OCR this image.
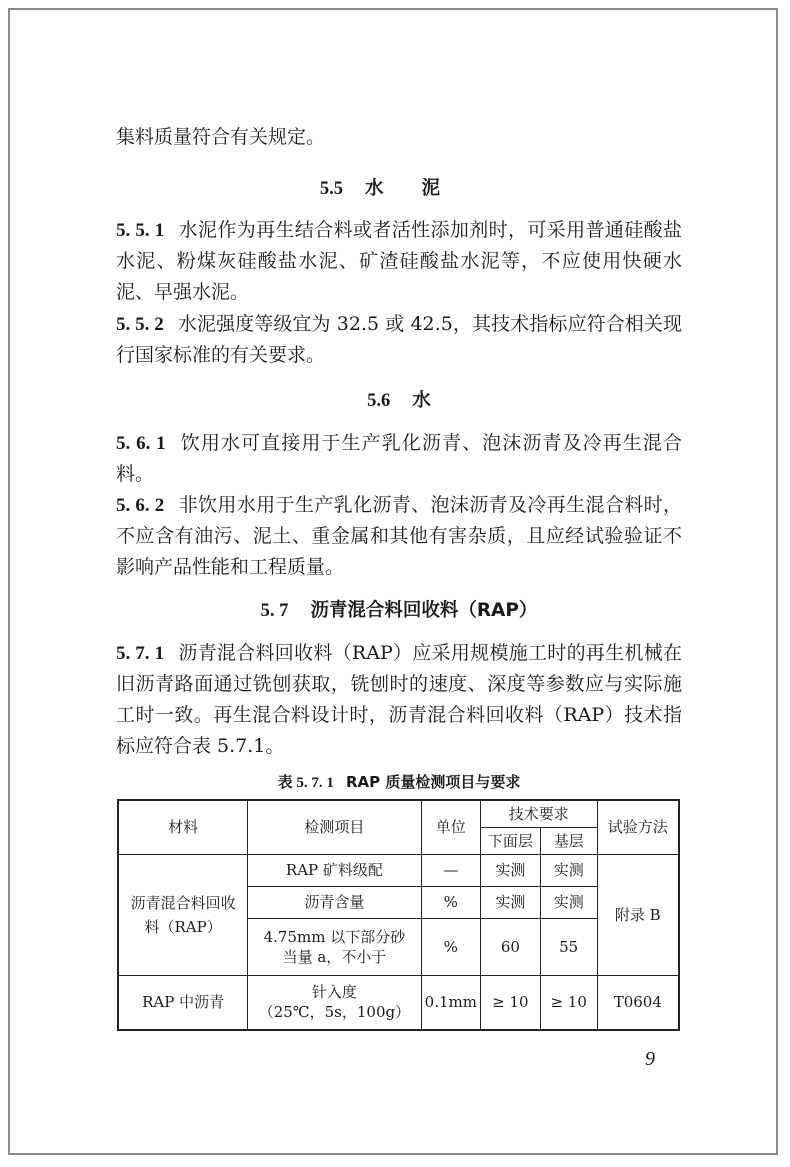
集料质量符合有关规定。

5.5 水泥

5. 5. 1 水泥作为再生结合料或者活性添加剂时，可采用普通硅酸盐水泥、粉煤灰硅酸盐水泥、矿渣硅酸盐水泥等，不应使用快硬水泥、早强水泥。

5. 5. 2 水泥强度等级宜为 32.5 或 42.5，其技术指标应符合相关现行国家标准的有关要求。

5.6 水

5. 6. 1 饮用水可直接用于生产乳化沥青、泡沫沥青及冷再生混合料。

5. 6. 2 非饮用水用于生产乳化沥青、泡沫沥青及冷再生混合料时，不应含有油污、泥土、重金属和其他有害杂质，且应经试验验证不影响产品性能和工程质量。

5. 7 沥青混合料回收料（RAP）

5. 7. 1 沥青混合料回收料（RAP）应采用规模施工时的再生机械在旧沥青路面通过铣刨获取，铣刨时的速度、深度等参数应与实际施工时一致。再生混合料设计时，沥青混合料回收料（RAP）技术指标应符合表 5.7.1。

表 5. 7. 1 RAP 质量检测项目与要求
材料	检测项目	单位	技术要求		试验方法
			下面层	基层	
沥青混合料回收料（RAP）	RAP 矿料级配	—	实测	实测	附录 B
	沥青含量	%	实测	实测	

	4.75mm 以下部分砂
当量 a，不小于	%	60	55	
RAP 中沥青	针入度
（25℃，5s，100g）	0.1mm	≥ 10	≥ 10	T0604
9
